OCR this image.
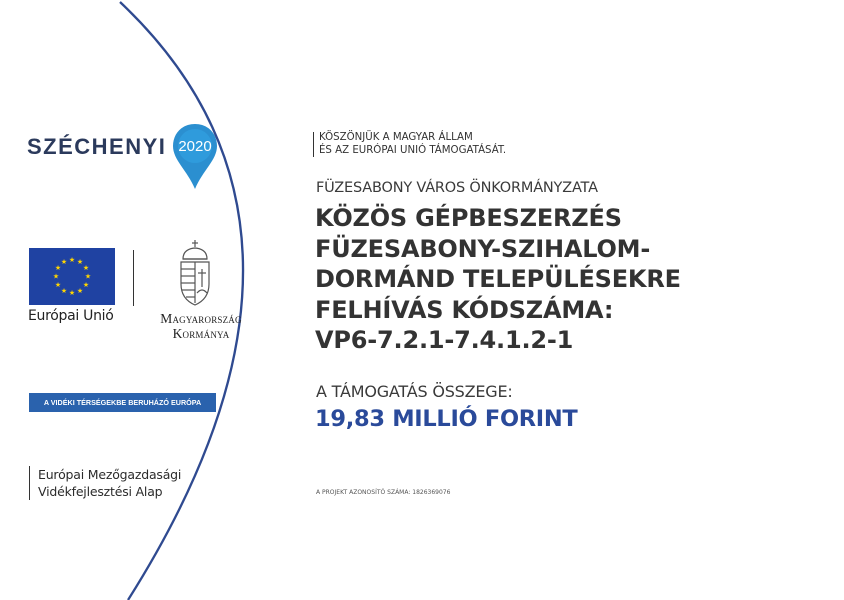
SZÉCHENYI 2020
★ ★
★
★
★
★
★
★
★
★
★
★
Európai Unió	Magyarország
Kormánya
A VIDÉKI TÉRSÉGEKBE BERUHÁZÓ EURÓPA
Európai Mezőgazdasági
Vidékfejlesztési Alap
KÖSZÖNJÜK A MAGYAR ÁLLAM
ÉS AZ EURÓPAI UNIÓ TÁMOGATÁSÁT.
FÜZESABONY VÁROS ÖNKORMÁNYZATA
KÖZÖS GÉPBESZERZÉS
FÜZESABONY-SZIHALOM-
DORMÁND TELEPÜLÉSEKRE
FELHÍVÁS KÓDSZÁMA:
VP6-7.2.1-7.4.1.2-1
A TÁMOGATÁS ÖSSZEGE:
19,83 MILLIÓ FORINT
A PROJEKT AZONOSÍTÓ SZÁMA: 1826369076
